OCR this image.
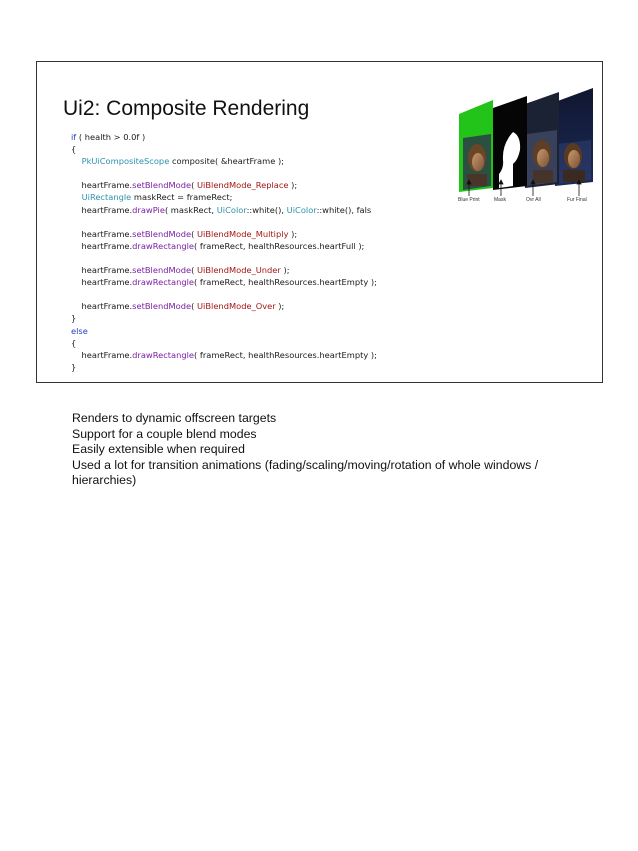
Ui2: Composite Rendering
if ( health > 0.0f )
{
PkUiCompositeScope composite( &heartFrame );
heartFrame.setBlendMode( UiBlendMode_Replace );
UiRectangle maskRect = frameRect;
heartFrame.drawPie( maskRect, UiColor::white(), UiColor::white(), fals
heartFrame.setBlendMode( UiBlendMode_Multiply );
heartFrame.drawRectangle( frameRect, healthResources.heartFull );
heartFrame.setBlendMode( UiBlendMode_Under );
heartFrame.drawRectangle( frameRect, healthResources.heartEmpty );
heartFrame.setBlendMode( UiBlendMode_Over );
}
else
{
heartFrame.drawRectangle( frameRect, healthResources.heartEmpty );
}
Blue Print	Mask	Ovr All	Fur Final
Renders to dynamic offscreen targets
Support for a couple blend modes
Easily extensible when required
Used a lot for transition animations (fading/scaling/moving/rotation of whole windows / hierarchies)
